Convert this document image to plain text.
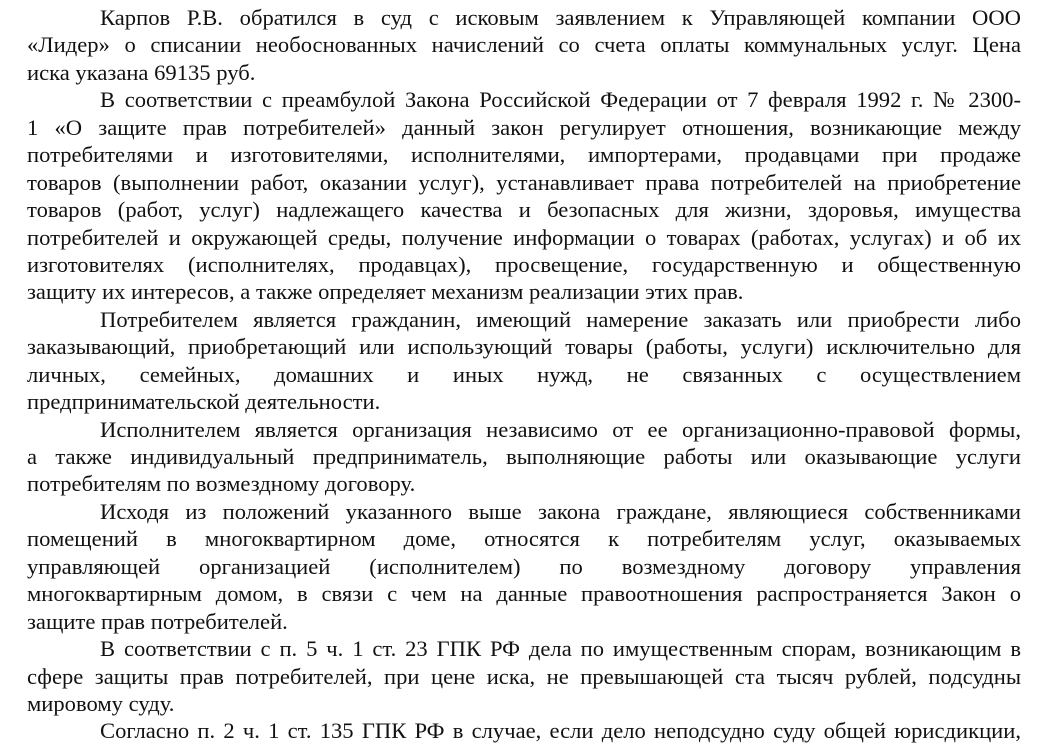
Карпов Р.В. обратился в суд с исковым заявлением к Управляющей компании ООО
«Лидер» о списании необоснованных начислений со счета оплаты коммунальных услуг. Цена
иска указана 69135 руб.
В соответствии с преамбулой Закона Российской Федерации от 7 февраля 1992 г. № 2300-
1 «О защите прав потребителей» данный закон регулирует отношения, возникающие между
потребителями и изготовителями, исполнителями, импортерами, продавцами при продаже
товаров (выполнении работ, оказании услуг), устанавливает права потребителей на приобретение
товаров (работ, услуг) надлежащего качества и безопасных для жизни, здоровья, имущества
потребителей и окружающей среды, получение информации о товарах (работах, услугах) и об их
изготовителях (исполнителях, продавцах), просвещение, государственную и общественную
защиту их интересов, а также определяет механизм реализации этих прав.
Потребителем является гражданин, имеющий намерение заказать или приобрести либо
заказывающий, приобретающий или использующий товары (работы, услуги) исключительно для
личных, семейных, домашних и иных нужд, не связанных с осуществлением
предпринимательской деятельности.
Исполнителем является организация независимо от ее организационно-правовой формы,
а также индивидуальный предприниматель, выполняющие работы или оказывающие услуги
потребителям по возмездному договору.
Исходя из положений указанного выше закона граждане, являющиеся собственниками
помещений в многоквартирном доме, относятся к потребителям услуг, оказываемых
управляющей организацией (исполнителем) по возмездному договору управления
многоквартирным домом, в связи с чем на данные правоотношения распространяется Закон о
защите прав потребителей.
В соответствии с п. 5 ч. 1 ст. 23 ГПК РФ дела по имущественным спорам, возникающим в
сфере защиты прав потребителей, при цене иска, не превышающей ста тысяч рублей, подсудны
мировому суду.
Согласно п. 2 ч. 1 ст. 135 ГПК РФ в случае, если дело неподсудно суду общей юрисдикции,
